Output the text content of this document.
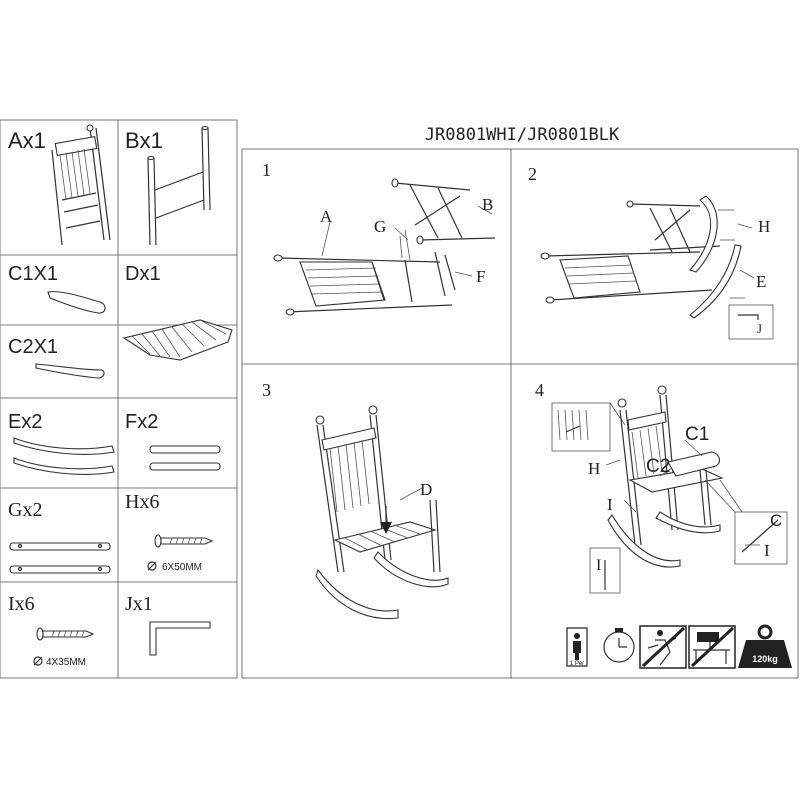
Ax1	Bx1
C1X1	Dx1
C2X1
Ex2	Fx2
Gx2	Hx6
Ix6	Jx1
6X50MM
4X35MM
JR0801WHI/JR0801BLK
1	2
3	4
A
G
B
F
H
E
J
D
C1
C2
H
I
C
I
I
1 Per	120kg
